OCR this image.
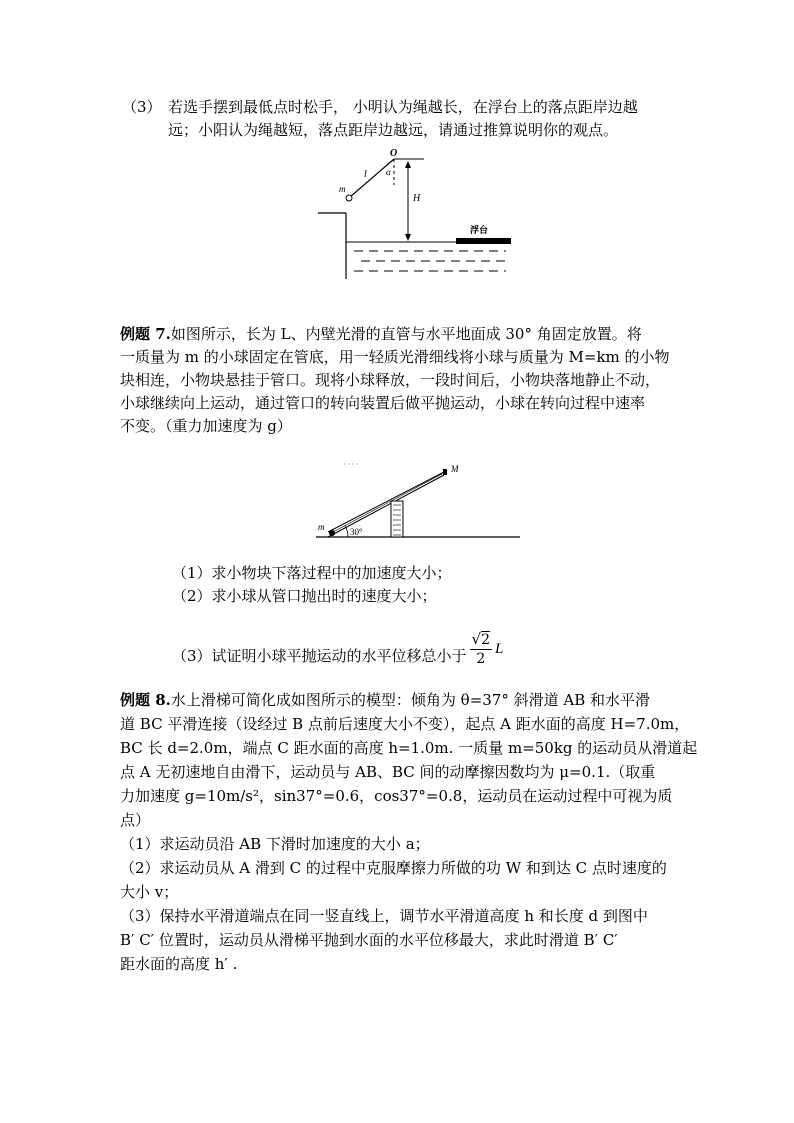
（3） 若选手摆到最低点时松手， 小明认为绳越长，在浮台上的落点距岸边越
远；小阳认为绳越短，落点距岸边越远，请通过推算说明你的观点。
O
l α
m
H
浮台
例题 7.如图所示，长为 L、内壁光滑的直管与水平地面成 30° 角固定放置。将
一质量为 m 的小球固定在管底，用一轻质光滑细线将小球与质量为 M=km 的小物
块相连，小物块悬挂于管口。现将小球释放，一段时间后，小物块落地静止不动，
小球继续向上运动，通过管口的转向装置后做平抛运动，小球在转向过程中速率
不变。（重力加速度为 g）
30°
M
m
（1）求小物块下落过程中的加速度大小；
（2）求小球从管口抛出时的速度大小；
（3）试证明小球平抛运动的水平位移总小于 $\frac{√2}{2}$ L
例题 8.水上滑梯可简化成如图所示的模型：倾角为 θ=37° 斜滑道 AB 和水平滑
道 BC 平滑连接（设经过 B 点前后速度大小不变），起点 A 距水面的高度 H=7.0m，
BC 长 d=2.0m，端点 C 距水面的高度 h=1.0m. 一质量 m=50kg 的运动员从滑道起
点 A 无初速地自由滑下，运动员与 AB、BC 间的动摩擦因数均为 μ=0.1.（取重
力加速度 g=10m/s²，sin37°=0.6，cos37°=0.8，运动员在运动过程中可视为质
点）
（1）求运动员沿 AB 下滑时加速度的大小 a；
（2）求运动员从 A 滑到 C 的过程中克服摩擦力所做的功 W 和到达 C 点时速度的
大小 v；
（3）保持水平滑道端点在同一竖直线上，调节水平滑道高度 h 和长度 d 到图中
B′ C′ 位置时，运动员从滑梯平抛到水面的水平位移最大，求此时滑道 B′ C′
距水面的高度 h′ .
